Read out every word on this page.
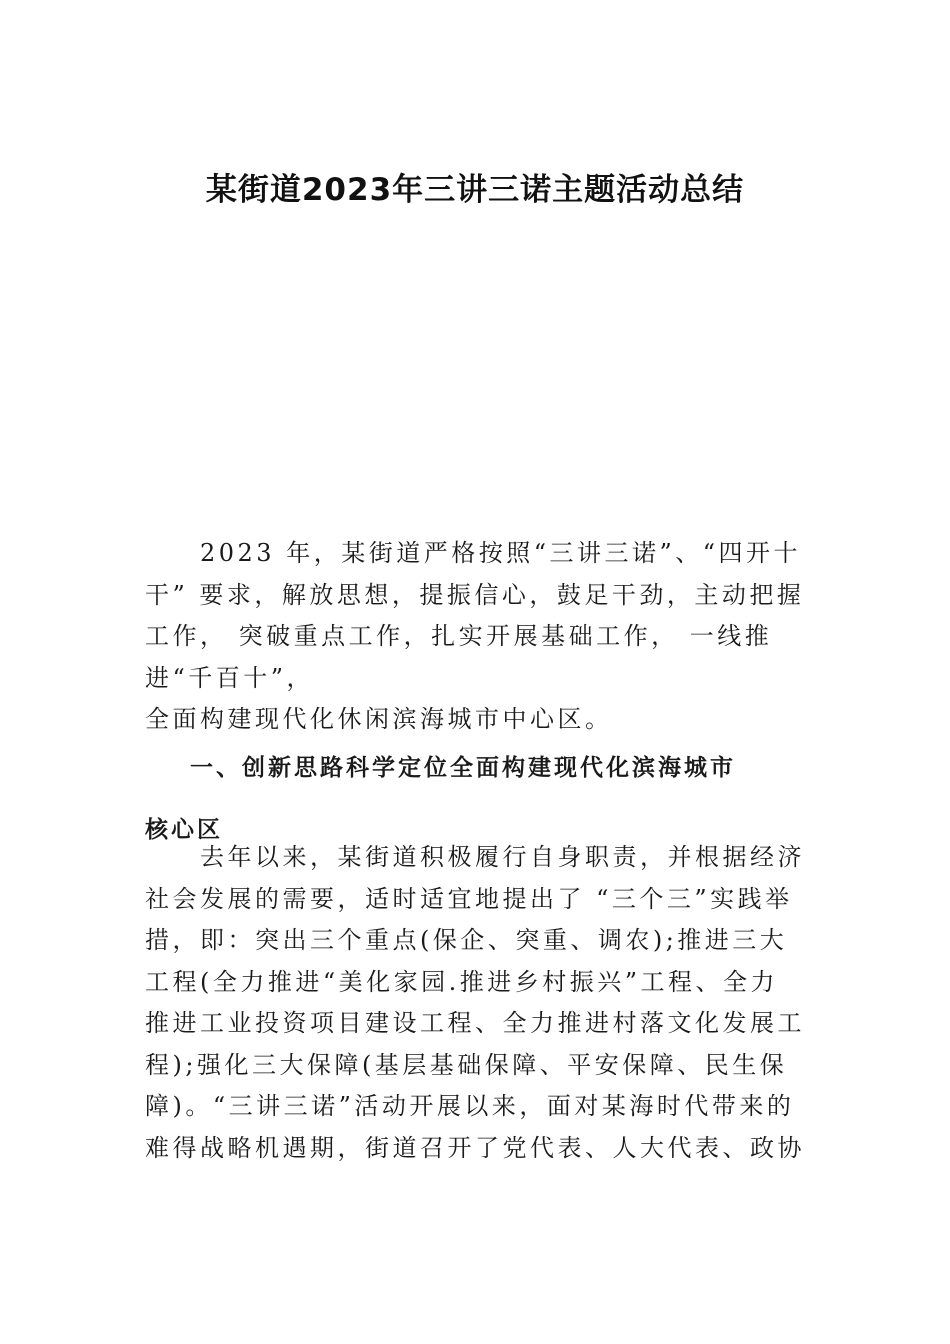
某街道2023年三讲三诺主题活动总结
　　2023 年，某街道严格按照“三讲三诺”、“四开十
干” 要求，解放思想，提振信心，鼓足干劲，主动把握
工作， 突破重点工作，扎实开展基础工作， 一线推
进“千百十”，
全面构建现代化休闲滨海城市中心区。
一、创新思路科学定位全面构建现代化滨海城市
核心区
　　去年以来，某街道积极履行自身职责，并根据经济
社会发展的需要，适时适宜地提出了 “三个三”实践举
措，即：突出三个重点(保企、突重、调农);推进三大
工程(全力推进“美化家园.推进乡村振兴”工程、全力
推进工业投资项目建设工程、全力推进村落文化发展工
程);强化三大保障(基层基础保障、平安保障、民生保
障)。“三讲三诺”活动开展以来，面对某海时代带来的
难得战略机遇期，街道召开了党代表、人大代表、政协
